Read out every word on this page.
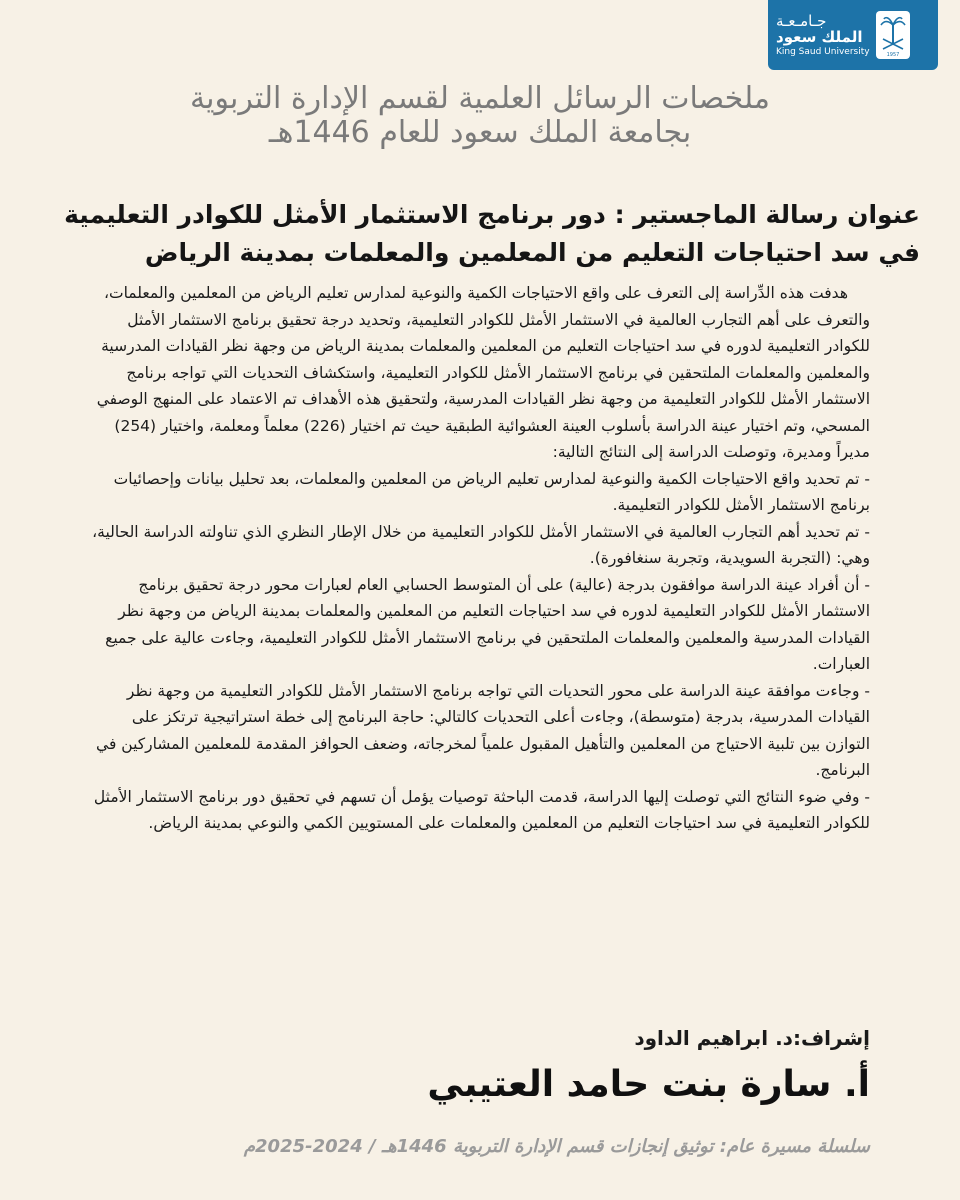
1957
جـامـعـة
الملك سعود
King Saud University
ملخصات الرسائل العلمية لقسم الإدارة التربوية
بجامعة الملك سعود للعام 1446هـ
عنوان رسالة الماجستير : دور برنامج الاستثمار الأمثل للكوادر التعليمية في سد احتياجات التعليم من المعلمين والمعلمات بمدينة الرياض

هدفت هذه الدِّراسة إلى التعرف على واقع الاحتياجات الكمية والنوعية لمدارس تعليم الرياض من المعلمين والمعلمات، والتعرف على أهم التجارب العالمية في الاستثمار الأمثل للكوادر التعليمية، وتحديد درجة تحقيق برنامج الاستثمار الأمثل للكوادر التعليمية لدوره في سد احتياجات التعليم من المعلمين والمعلمات بمدينة الرياض من وجهة نظر القيادات المدرسية والمعلمين والمعلمات الملتحقين في برنامج الاستثمار الأمثل للكوادر التعليمية، واستكشاف التحديات التي تواجه برنامج الاستثمار الأمثل للكوادر التعليمية من وجهة نظر القيادات المدرسية، ولتحقيق هذه الأهداف تم الاعتماد على المنهج الوصفي المسحي، وتم اختيار عينة الدراسة بأسلوب العينة العشوائية الطبقية حيث تم اختيار (226) معلماً ومعلمة، واختيار (254) مديراً ومديرة، وتوصلت الدراسة إلى النتائج التالية:

- تم تحديد واقع الاحتياجات الكمية والنوعية لمدارس تعليم الرياض من المعلمين والمعلمات، بعد تحليل بيانات وإحصائيات برنامج الاستثمار الأمثل للكوادر التعليمية.

- تم تحديد أهم التجارب العالمية في الاستثمار الأمثل للكوادر التعليمية من خلال الإطار النظري الذي تناولته الدراسة الحالية، وهي: (التجربة السويدية، وتجربة سنغافورة).

- أن أفراد عينة الدراسة موافقون بدرجة (عالية) على أن المتوسط الحسابي العام لعبارات محور درجة تحقيق برنامج الاستثمار الأمثل للكوادر التعليمية لدوره في سد احتياجات التعليم من المعلمين والمعلمات بمدينة الرياض من وجهة نظر القيادات المدرسية والمعلمين والمعلمات الملتحقين في برنامج الاستثمار الأمثل للكوادر التعليمية، وجاءت عالية على جميع العبارات.

- وجاءت موافقة عينة الدراسة على محور التحديات التي تواجه برنامج الاستثمار الأمثل للكوادر التعليمية من وجهة نظر القيادات المدرسية، بدرجة (متوسطة)، وجاءت أعلى التحديات كالتالي: حاجة البرنامج إلى خطة استراتيجية ترتكز على التوازن بين تلبية الاحتياج من المعلمين والتأهيل المقبول علمياً لمخرجاته، وضعف الحوافز المقدمة للمعلمين المشاركين في البرنامج.

- وفي ضوء النتائج التي توصلت إليها الدراسة، قدمت الباحثة توصيات يؤمل أن تسهم في تحقيق دور برنامج الاستثمار الأمثل للكوادر التعليمية في سد احتياجات التعليم من المعلمين والمعلمات على المستويين الكمي والنوعي بمدينة الرياض.

إشراف:د. ابراهيم الداود
أ. سارة بنت حامد العتيبي
سلسلة مسيرة عام: توثيق إنجازات قسم الإدارة التربوية 1446هـ / 2024-2025م
